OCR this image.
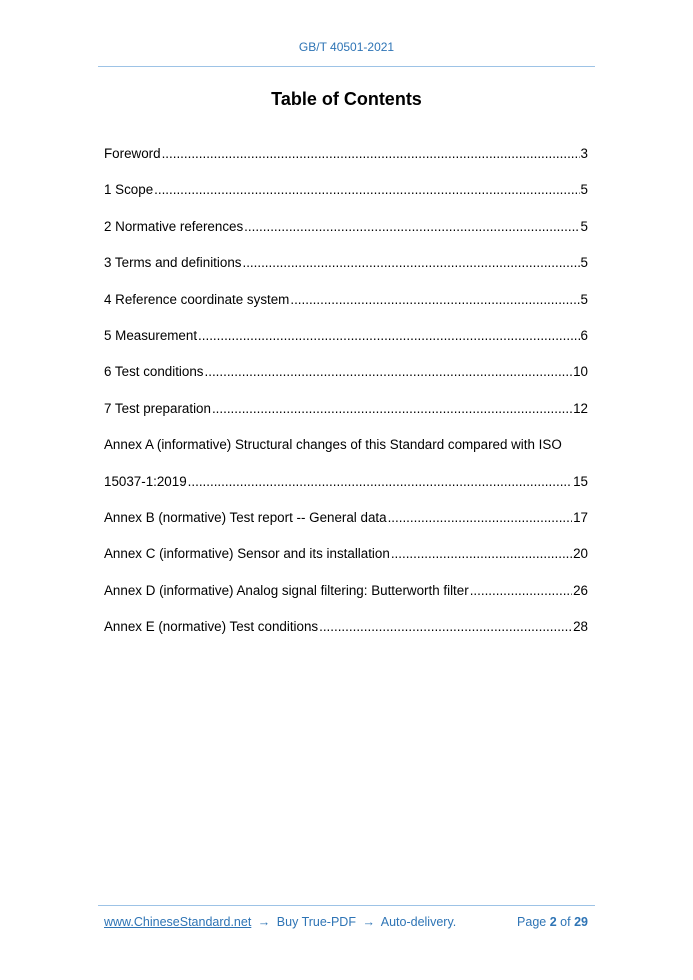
GB/T 40501-2021
Table of Contents
Foreword .....	3
1 Scope .....	5
2 Normative references .....	5
3 Terms and definitions .....	5
4 Reference coordinate system .....	5
5 Measurement .....	6
6 Test conditions .....	10
7 Test preparation .....	12
Annex A (informative) Structural changes of this Standard compared with ISO
15037-1:2019 .....	15
Annex B (normative) Test report -- General data .....	17
Annex C (informative) Sensor and its installation .....	20
Annex D (informative) Analog signal filtering: Butterworth filter .....	26
Annex E (normative) Test conditions .....	28
www.ChineseStandard.net → Buy True-PDF → Auto-delivery.	Page 2 of 29
